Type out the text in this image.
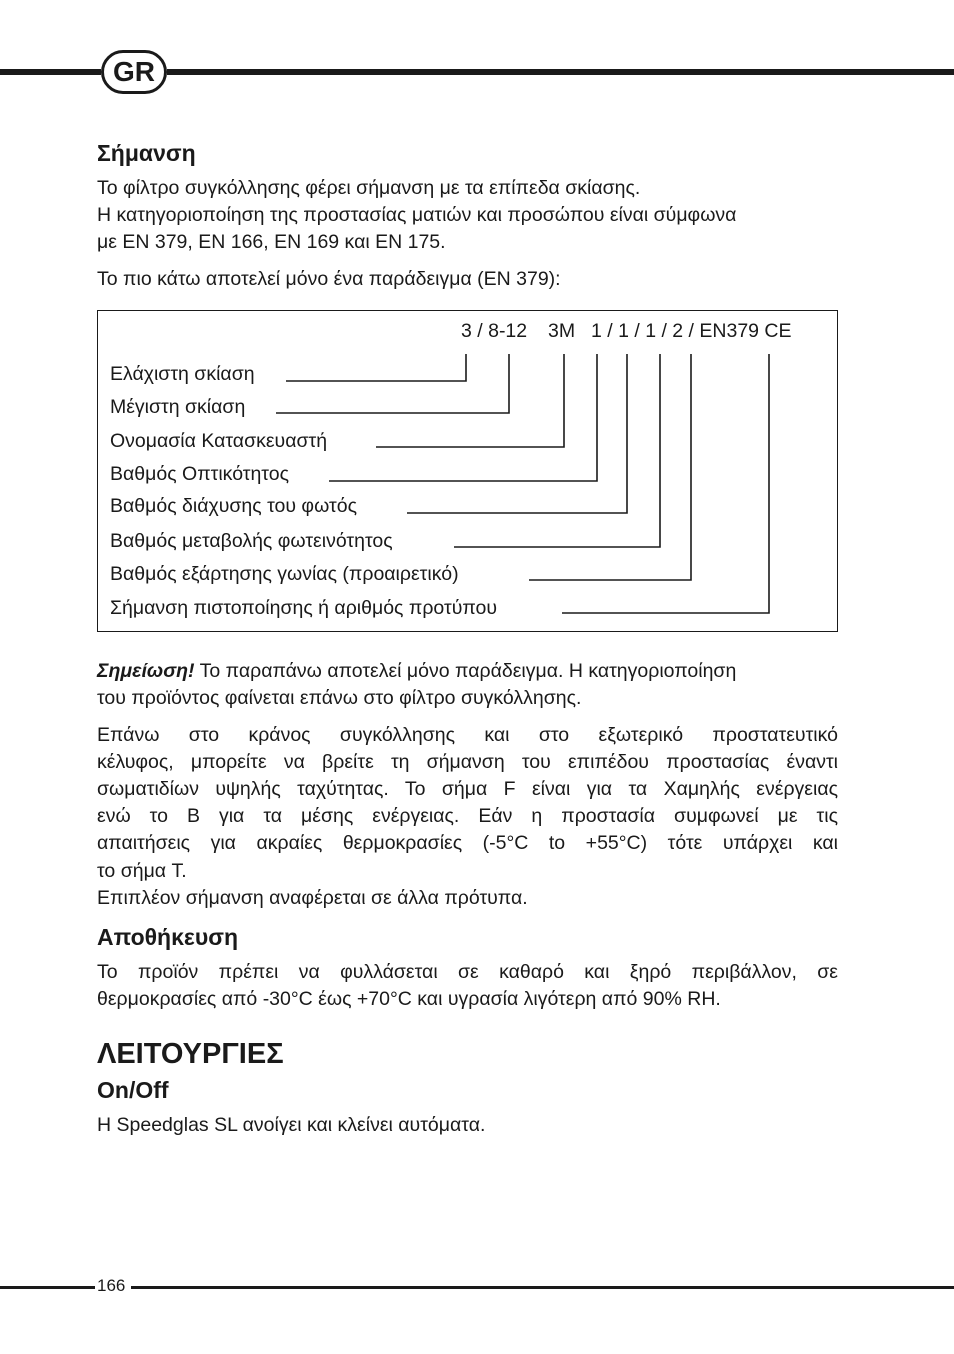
GR
Σήμανση
Το φίλτρο συγκόλλησης φέρει σήμανση με τα επίπεδα σκίασης.
Η κατηγοριοποίηση της προστασίας ματιών και προσώπου είναι σύμφωνα
με EN 379, EN 166, EN 169 και EN 175.
Το πιο κάτω αποτελεί μόνο ένα παράδειγμα (EN 379):
3 / 8-12 3M 1 / 1 / 1 / 2 / EN379 CE
Ελάχιστη σκίαση
Μέγιστη σκίαση
Ονομασία Κατασκευαστή
Βαθμός Οπτικότητος
Βαθμός διάχυσης του φωτός
Βαθμός μεταβολής φωτεινότητος
Βαθμός εξάρτησης γωνίας (προαιρετικό)
Σήμανση πιστοποίησης ή αριθμός προτύπου
Σημείωση! Το παραπάνω αποτελεί μόνο παράδειγμα. Η κατηγοριοποίηση
του προϊόντος φαίνεται επάνω στο φίλτρο συγκόλλησης.
Επάνω στο κράνος συγκόλλησης και στο εξωτερικό προστατευτικό
κέλυφος, μπορείτε να βρείτε τη σήμανση του επιπέδου προστασίας έναντι
σωματιδίων υψηλής ταχύτητας. Το σήμα F είναι για τα Χαμηλής ενέργειας
ενώ το B για τα μέσης ενέργειας. Εάν η προστασία συμφωνεί με τις
απαιτήσεις για ακραίες θερμοκρασίες (-5°C to +55°C) τότε υπάρχει και
το σήμα T.
Επιπλέον σήμανση αναφέρεται σε άλλα πρότυπα.
Αποθήκευση
Το προϊόν πρέπει να φυλλάσεται σε καθαρό και ξηρό περιβάλλον, σε
θερμοκρασίες από -30°C έως +70°C και υγρασία λιγότερη από 90% RH.
ΛΕΙΤΟΥΡΓΙΕΣ
On/Off
Η Speedglas SL ανοίγει και κλείνει αυτόματα.
166
